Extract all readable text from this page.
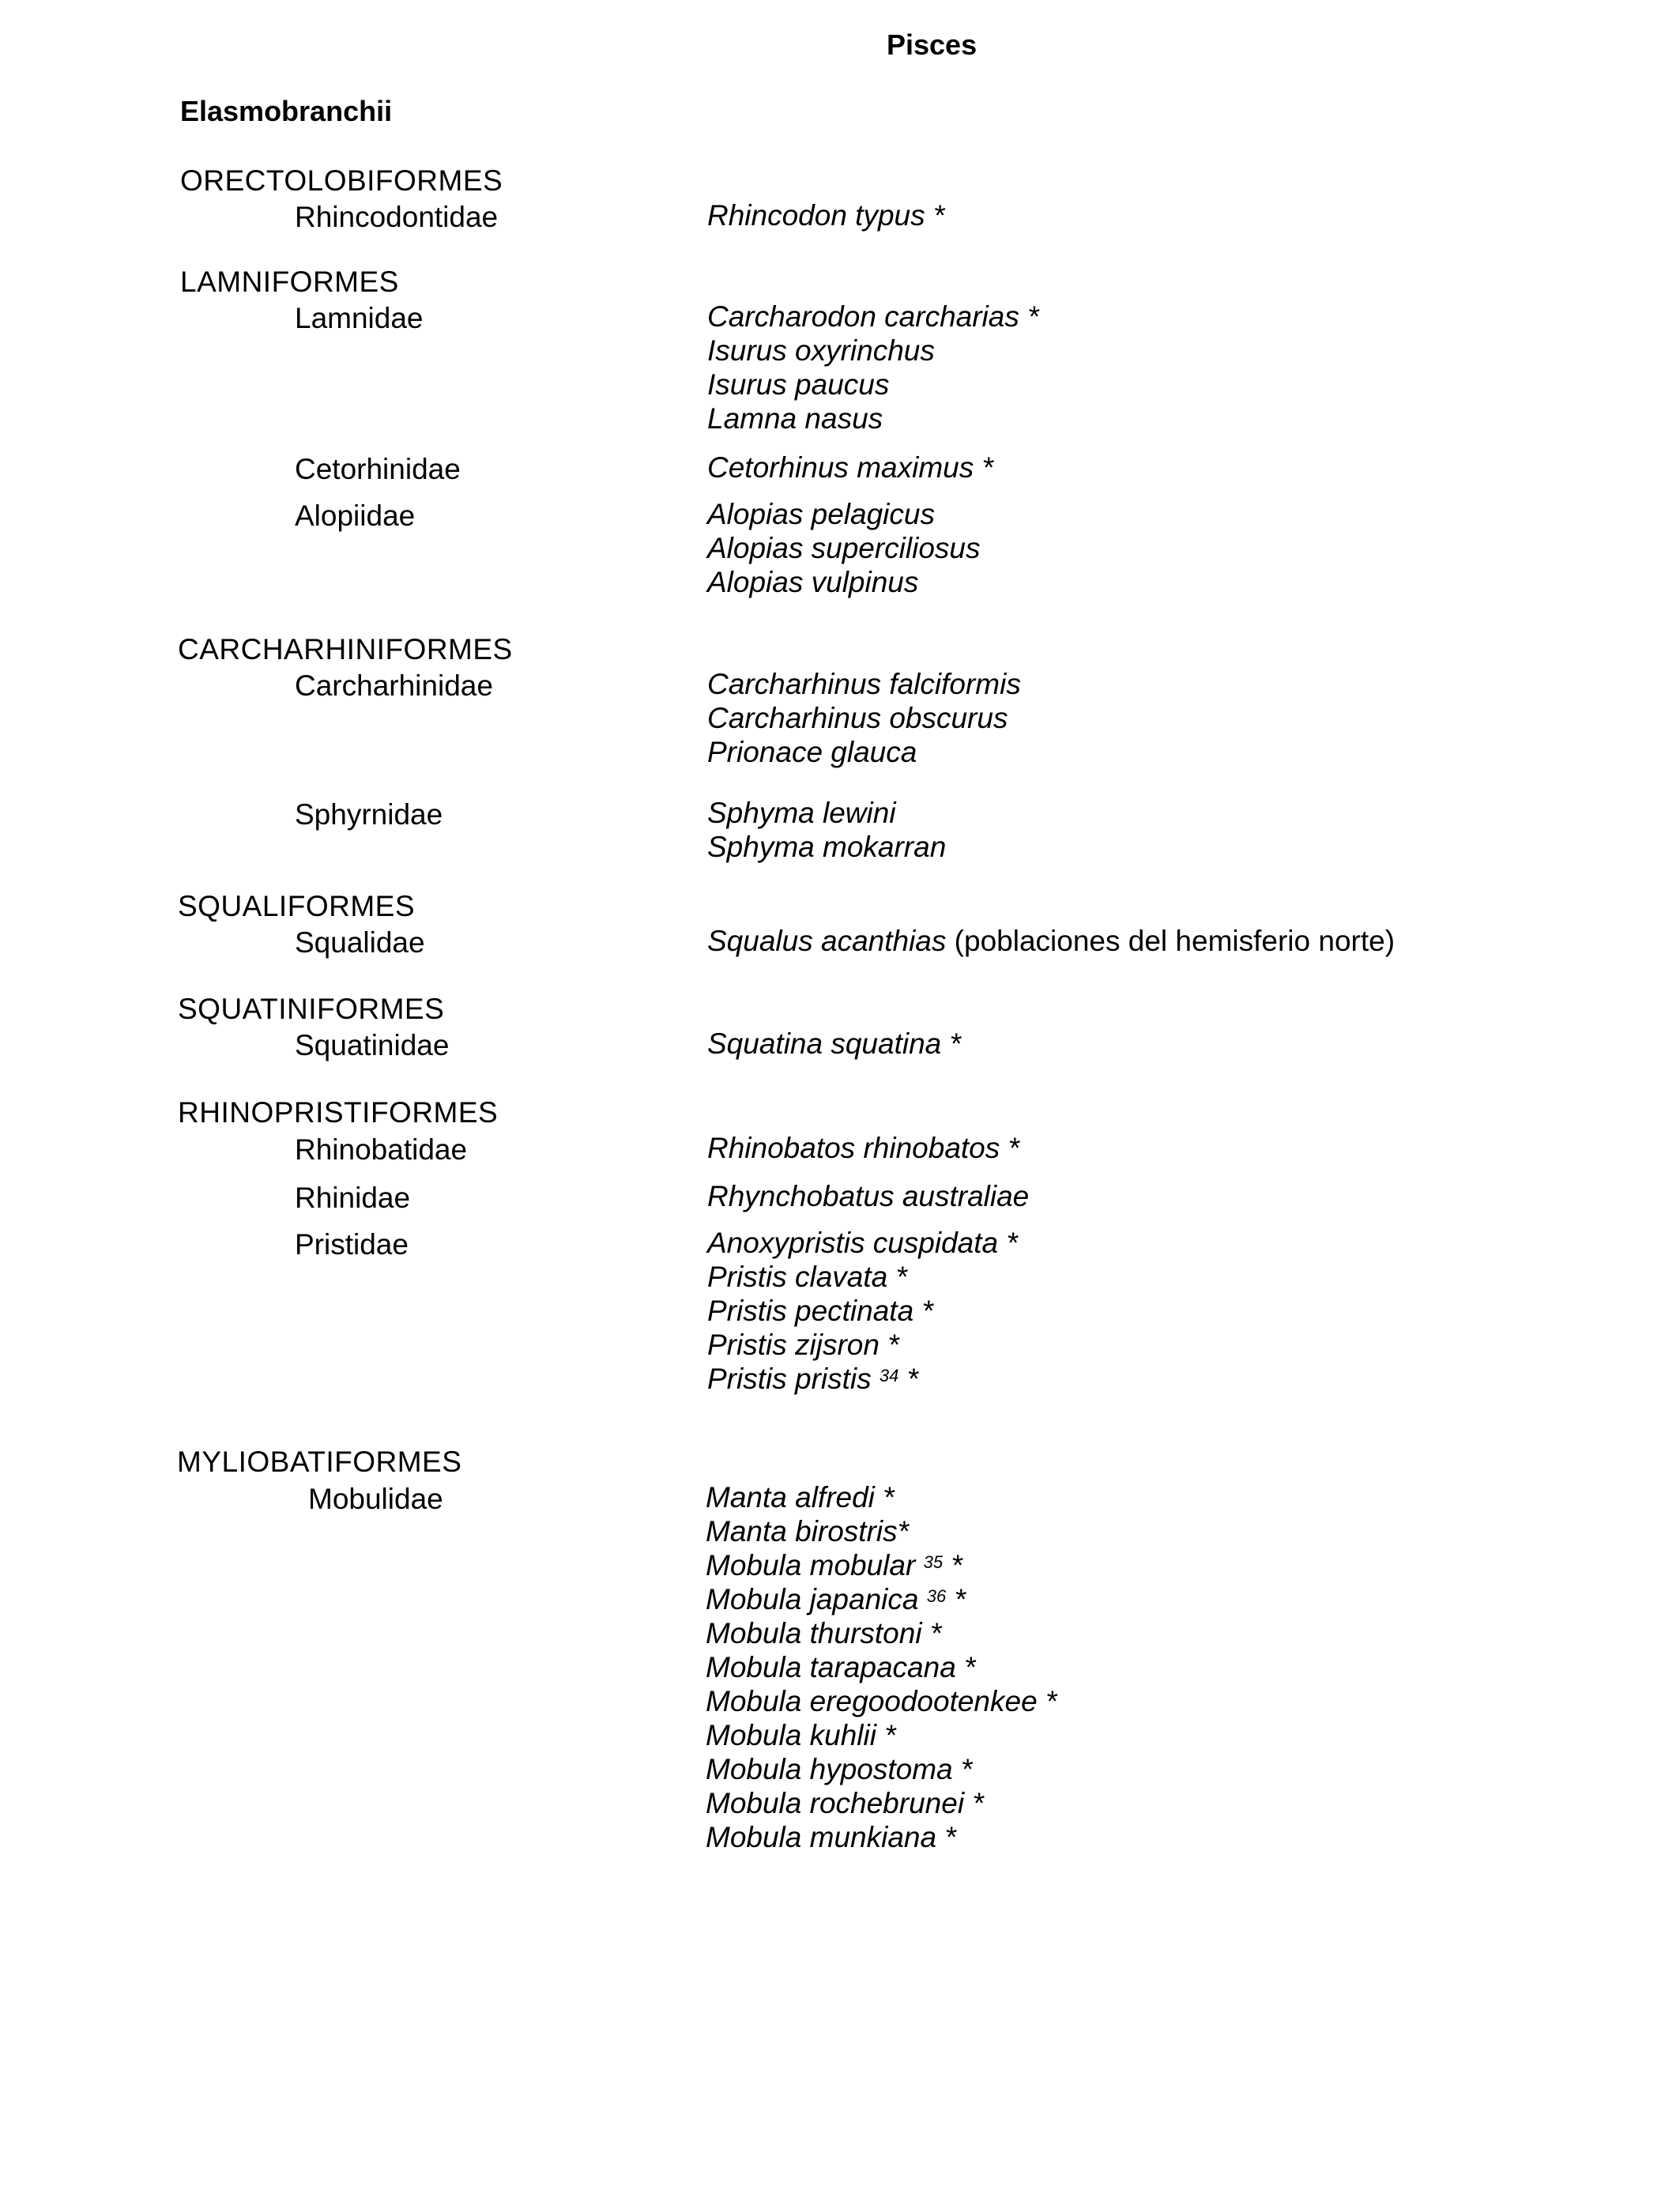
Pisces
Elasmobranchii
ORECTOLOBIFORMES
Rhincodontidae	Rhincodon typus *
LAMNIFORMES
Lamnidae	Carcharodon carcharias *
Isurus oxyrinchus
Isurus paucus
Lamna nasus
Cetorhinidae	Cetorhinus maximus *
Alopiidae	Alopias pelagicus
Alopias superciliosus
Alopias vulpinus
CARCHARHINIFORMES
Carcharhinidae	Carcharhinus falciformis
Carcharhinus obscurus
Prionace glauca
Sphyrnidae	Sphyma lewini
Sphyma mokarran
SQUALIFORMES
Squalidae	Squalus acanthias (poblaciones del hemisferio norte)
SQUATINIFORMES
Squatinidae	Squatina squatina *
RHINOPRISTIFORMES
Rhinobatidae	Rhinobatos rhinobatos *
Rhinidae	Rhynchobatus australiae
Pristidae	Anoxypristis cuspidata *
Pristis clavata *
Pristis pectinata *
Pristis zijsron *
Pristis pristis $^{34}$ *
MYLIOBATIFORMES
Mobulidae	Manta alfredi *
Manta birostris*
Mobula mobular $^{35}$ *
Mobula japanica $^{36}$ *
Mobula thurstoni *
Mobula tarapacana *
Mobula eregoodootenkee *
Mobula kuhlii *
Mobula hypostoma *
Mobula rochebrunei *
Mobula munkiana *
